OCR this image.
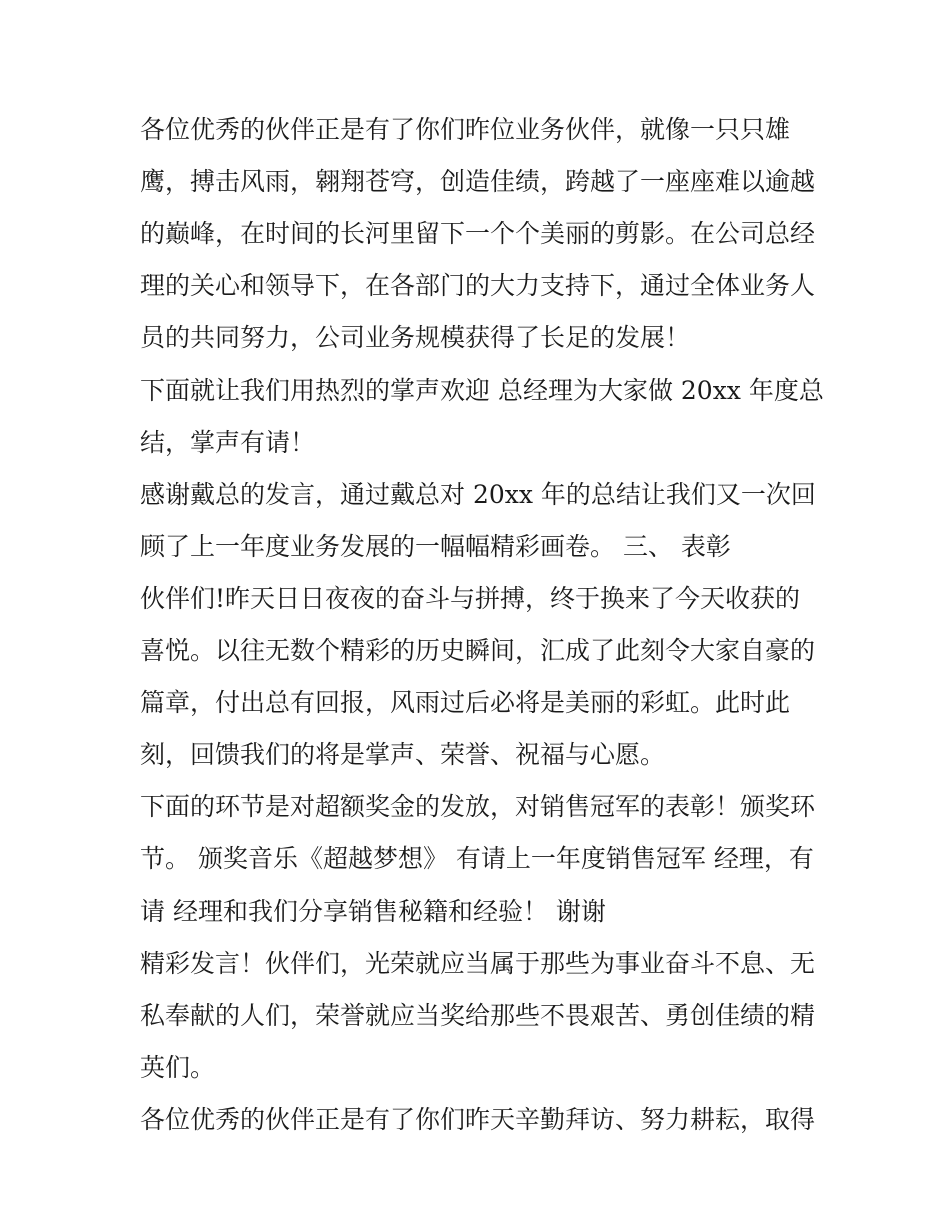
各位优秀的伙伴正是有了你们昨位业务伙伴，就像一只只雄
鹰，搏击风雨，翱翔苍穹，创造佳绩，跨越了一座座难以逾越
的巅峰，在时间的长河里留下一个个美丽的剪影。在公司总经
理的关心和领导下，在各部门的大力支持下，通过全体业务人
员的共同努力，公司业务规模获得了长足的发展！
下面就让我们用热烈的掌声欢迎 总经理为大家做 20xx 年度总
结，掌声有请！
感谢戴总的发言，通过戴总对 20xx 年的总结让我们又一次回
顾了上一年度业务发展的一幅幅精彩画卷。 三、 表彰
伙伴们!昨天日日夜夜的奋斗与拼搏，终于换来了今天收获的
喜悦。以往无数个精彩的历史瞬间，汇成了此刻令大家自豪的
篇章，付出总有回报，风雨过后必将是美丽的彩虹。此时此
刻，回馈我们的将是掌声、荣誉、祝福与心愿。
下面的环节是对超额奖金的发放，对销售冠军的表彰！颁奖环
节。 颁奖音乐《超越梦想》 有请上一年度销售冠军 经理，有
请 经理和我们分享销售秘籍和经验！ 谢谢
精彩发言！伙伴们，光荣就应当属于那些为事业奋斗不息、无
私奉献的人们，荣誉就应当奖给那些不畏艰苦、勇创佳绩的精
英们。
各位优秀的伙伴正是有了你们昨天辛勤拜访、努力耕耘，取得
